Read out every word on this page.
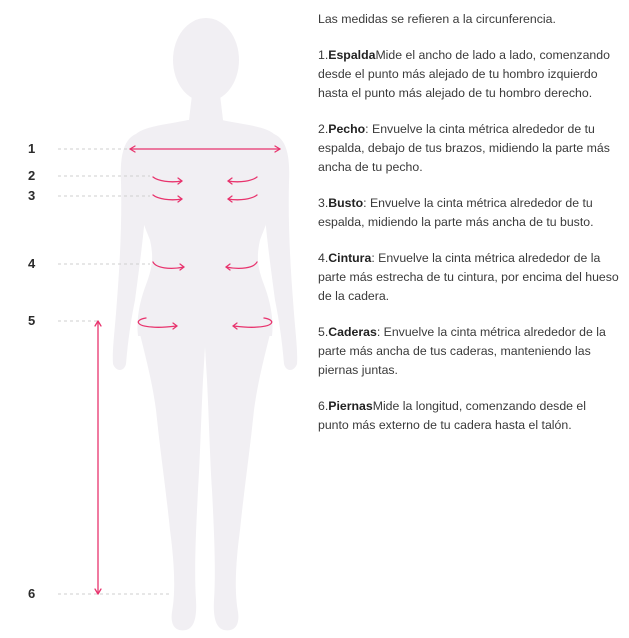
1
2
3
4
5
6

Las medidas se refieren a la circunferencia.

1.EspaldaMide el ancho de lado a lado, comenzando desde el punto más alejado de tu hombro izquierdo hasta el punto más alejado de tu hombro derecho.

2.Pecho: Envuelve la cinta métrica alrededor de tu espalda, debajo de tus brazos, midiendo la parte más ancha de tu pecho.

3.Busto: Envuelve la cinta métrica alrededor de tu espalda, midiendo la parte más ancha de tu busto.

4.Cintura: Envuelve la cinta métrica alrededor de la parte más estrecha de tu cintura, por encima del hueso de la cadera.

5.Caderas: Envuelve la cinta métrica alrededor de la parte más ancha de tus caderas, manteniendo las piernas juntas.

6.PiernasMide la longitud, comenzando desde el punto más externo de tu cadera hasta el talón.
